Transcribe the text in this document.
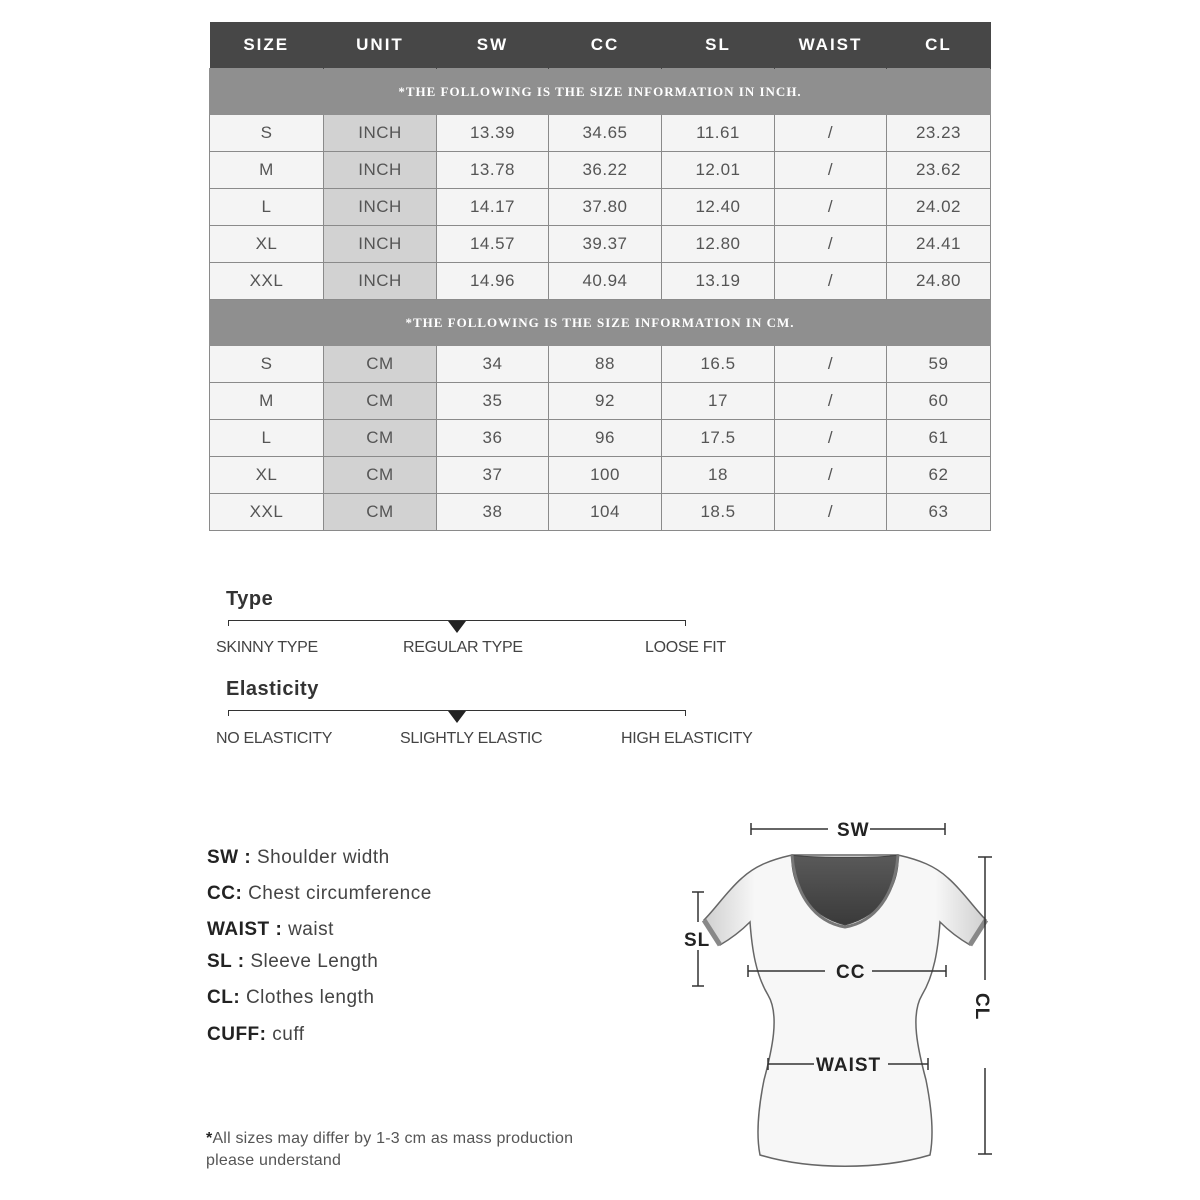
SIZE	UNIT	SW	CC	SL	WAIST	CL
*THE FOLLOWING IS THE SIZE INFORMATION IN INCH.						
S	INCH	13.39	34.65	11.61	/	23.23
M	INCH	13.78	36.22	12.01	/	23.62
L	INCH	14.17	37.80	12.40	/	24.02
XL	INCH	14.57	39.37	12.80	/	24.41
XXL	INCH	14.96	40.94	13.19	/	24.80
*THE FOLLOWING IS THE SIZE INFORMATION IN CM.						
S	CM	34	88	16.5	/	59
M	CM	35	92	17	/	60
L	CM	36	96	17.5	/	61
XL	CM	37	100	18	/	62
XXL	CM	38	104	18.5	/	63
Type
SKINNY TYPE	REGULAR TYPE	LOOSE FIT
Elasticity
NO ELASTICITY	SLIGHTLY ELASTIC	HIGH ELASTICITY
SW : Shoulder width
CC: Chest circumference
WAIST : waist
SL : Sleeve Length
CL: Clothes length
CUFF: cuff
*All sizes may differ by 1-3 cm as mass production
please understand
SW
SL
CC
WAIST
CL
